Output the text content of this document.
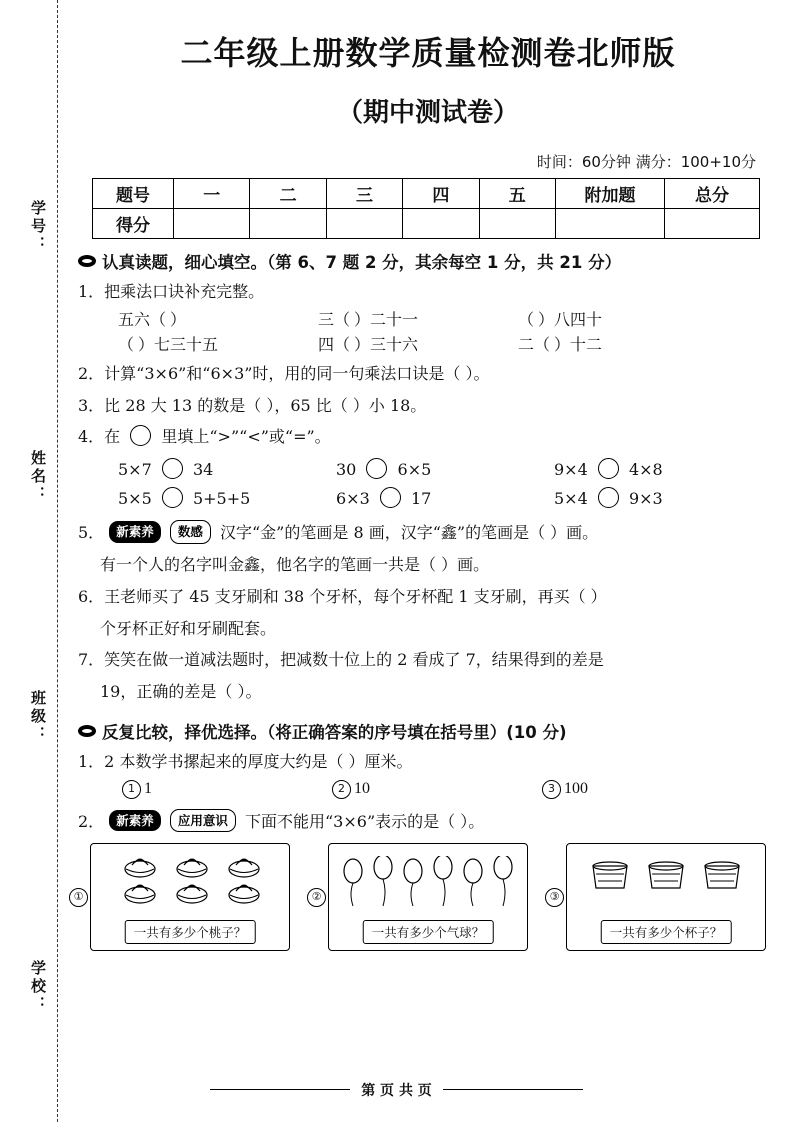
学号：
姓名：
班级：
学校：
二年级上册数学质量检测卷北师版
（期中测试卷）
时间：60分钟 满分：100+10分
题号	一	二	三	四	五	附加题	总分
得分							
认真读题，细心填空。（第 6、7 题 2 分，其余每空 1 分，共 21 分）
1．把乘法口诀补充完整。
五六（ ）	三（ ）二十一	（ ）八四十
（ ）七三十五	四（ ）三十六	二（ ）十二
2．计算“3×6”和“6×3”时，用的同一句乘法口诀是（ ）。
3．比 28 大 13 的数是（ ），65 比（ ）小 18。
4．在	里填上“>”“<”或“=”。
5×7	34	30	6×5	9×4	4×8
5×5	5+5+5	6×3	17	5×4	9×3
5． 新素养 数感 汉字“金”的笔画是 8 画，汉字“鑫”的笔画是（ ）画。
有一个人的名字叫金鑫，他名字的笔画一共是（ ）画。
6．王老师买了 45 支牙刷和 38 个牙杯，每个牙杯配 1 支牙刷，再买（ ）
个牙杯正好和牙刷配套。
7．笑笑在做一道减法题时，把减数十位上的 2 看成了 7，结果得到的差是
19，正确的差是（ ）。
反复比较，择优选择。（将正确答案的序号填在括号里）(10 分)
1．2 本数学书摞起来的厚度大约是（ ）厘米。
1 1	2 10	3 100
2． 新素养 应用意识 下面不能用“3×6”表示的是（ ）。
①
一共有多少个桃子？
②
一共有多少个气球？
③
一共有多少个杯子？
第 页 共 页
